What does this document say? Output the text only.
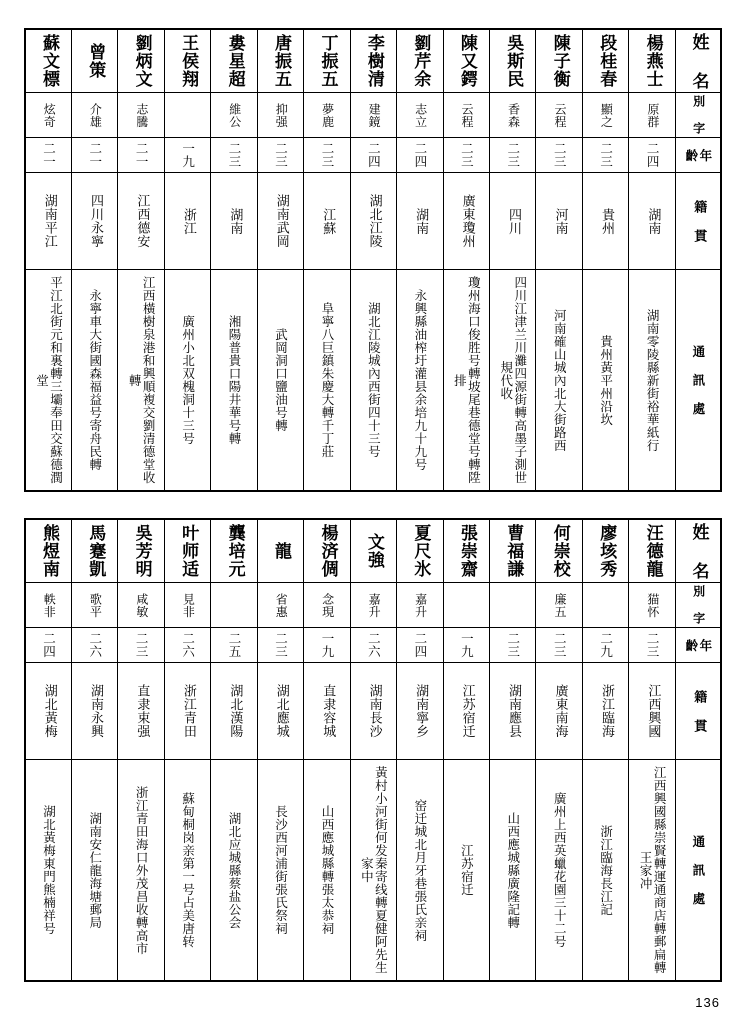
蘇文標	曾策	劉炳文	王侯翔	婁星超	唐振五	丁振五	李樹清	劉芹余	陳又鍔	吳斯民	陳子衡	段桂春	楊燕士	姓 名
炫奇	介雄	志騰		維公	抑强	夢鹿	建鏡	志立	云程	香森	云程	顯之	原群	別 字
二一	二一	二一	一九	二三	二三	二三	二四	二四	二三	二三	二三	二三	二四	年 齡
湖南平江	四川永寧	江西德安	浙江	湖南	湖南武岡	江蘇	湖北江陵	湖南	廣東瓊州	四川	河南	貴州	湖南	籍 貫
平江北街元和裏轉三壩奉田交蘇德潤堂	永寧車大街國森福益号寄舟民轉	江西橫樹泉港和興順複交劉清德堂收轉	廣州小北双槐洞十三号	湘陽普貴口陽井華号轉	武岡洞口鹽油号轉	阜寧八巨鎮朱慶大轉千丁莊	湖北江陵城內西街四十三号	永興縣油榨圩灌县余培九十九号	瓊州海口俊胜号轉坡尾巷德堂号轉陞排	四川江津兰川灘四源街轉高墨子測世規代收	河南確山城內北大街路西	貴州黃平州沿坎	湖南零陵縣新街裕華紙行	通 訊 處
熊煜南	馬蹇凱	吳芳明	叶师适	龔培元	龍	楊済倜	文強	夏尺氷	張崇齋	曹福謙	何崇校	廖垓秀	汪德龍	姓 名
軼非	歌平	咸敏	見非		省惠	念現	嘉升	嘉升			廉五		猫怀	別 字
二四	二六	二三	二六	二五	二三	一九	二六	二四	一九	二三	二三	二九	二三	年 齡
湖北黃梅	湖南永興	直隶束强	浙江青田	湖北漢陽	湖北應城	直隶容城	湖南長沙	湖南寧乡	江苏宿迁	湖南應县	廣東南海	浙江臨海	江西興國	籍 貫
湖北黃梅東門熊楠祥号	湖南安仁龍海塘郵局	浙江青田海口外茂昌收轉高市	蘇甸桐岗亲第一号占美唐转	湖北应城縣蔡盐公会	長沙西河浦街張氏祭祠	山西應城縣轉張太恭祠	黃村小河街何发秦寄线轉夏健阿先生家中	窑迁城北月牙巷張氏亲祠	江苏宿迁	山西應城縣廣隆記轉	廣州上西英蠟花園三十二号	浙江臨海長江記	江西興國縣崇賢轉運通商店轉郵扁轉王家冲	通 訊 處
136
